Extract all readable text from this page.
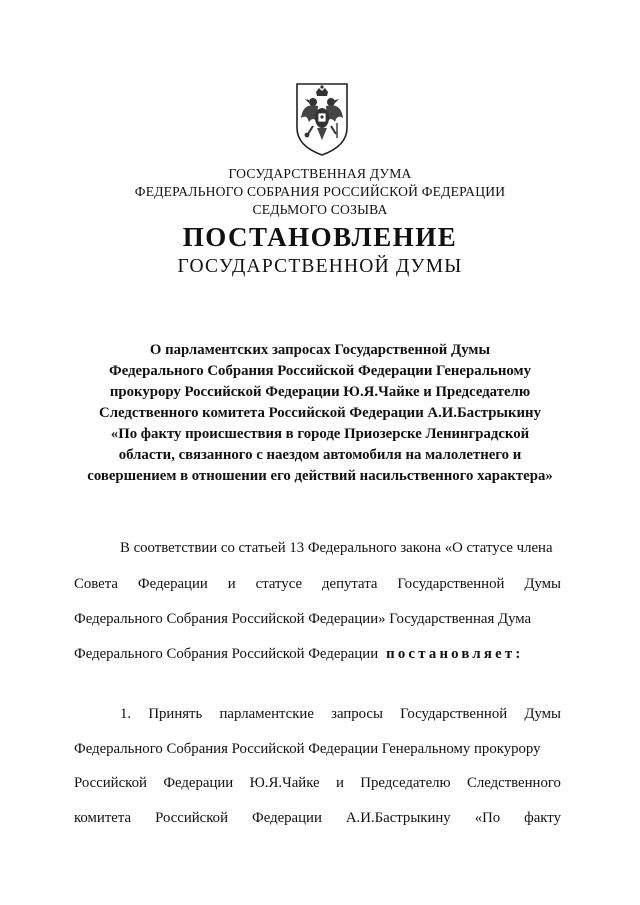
ГОСУДАРСТВЕННАЯ ДУМА
ФЕДЕРАЛЬНОГО СОБРАНИЯ РОССИЙСКОЙ ФЕДЕРАЦИИ
СЕДЬМОГО СОЗЫВА
ПОСТАНОВЛЕНИЕ
ГОСУДАРСТВЕННОЙ ДУМЫ
О парламентских запросах Государственной Думы
Федерального Собрания Российской Федерации Генеральному
прокурору Российской Федерации Ю.Я.Чайке и Председателю
Следственного комитета Российской Федерации А.И.Бастрыкину
«По факту происшествия в городе Приозерске Ленинградской
области, связанного с наездом автомобиля на малолетнего и
совершением в отношении его действий насильственного характера»
В соответствии со статьей 13 Федерального закона «О статусе члена
Совета Федерации и статусе депутата Государственной Думы
Федерального Собрания Российской Федерации» Государственная Дума
Федерального Собрания Российской Федерации постановляет:
1. Принять парламентские запросы Государственной Думы
Федерального Собрания Российской Федерации Генеральному прокурору
Российской Федерации Ю.Я.Чайке и Председателю Следственного
комитета Российской Федерации А.И.Бастрыкину «По факту
